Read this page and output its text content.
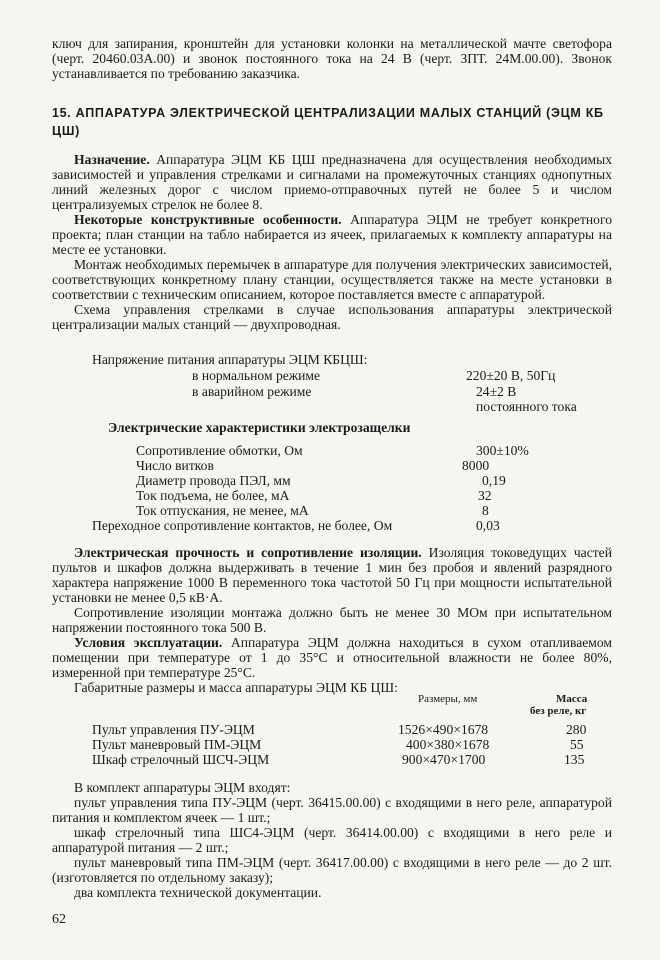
ключ для запирания, кронштейн для установки колонки на металлической мачте светофора (черт. 20460.03А.00) и звонок постоянного тока на 24 В (черт. ЗПТ. 24М.00.00). Звонок устанавливается по требованию заказчика.

15. АППАРАТУРА ЭЛЕКТРИЧЕСКОЙ ЦЕНТРАЛИЗАЦИИ МАЛЫХ СТАНЦИЙ (ЭЦМ КБ ЦШ)

Назначение. Аппаратура ЭЦМ КБ ЦШ предназначена для осуществления необходимых зависимостей и управления стрелками и сигналами на промежуточных станциях однопутных линий железных дорог с числом приемо-отправочных путей не более 5 и числом централизуемых стрелок не более 8.

Некоторые конструктивные особенности. Аппаратура ЭЦМ не требует конкретного проекта; план станции на табло набирается из ячеек, прилагаемых к комплекту аппаратуры на месте ее установки.

Монтаж необходимых перемычек в аппаратуре для получения электрических зависимостей, соответствующих конкретному плану станции, осуществляется также на месте установки в соответствии с техническим описанием, которое поставляется вместе с аппаратурой.

Схема управления стрелками в случае использования аппаратуры электрической централизации малых станций — двухпроводная.

Напряжение питания аппаратуры ЭЦМ КБЦШ:
в нормальном режиме	220±20 В, 50Гц
в аварийном режиме	24±2 В постоянного тока
Электрические характеристики электрозащелки
Сопротивление обмотки, Ом	300±10%
Число витков	8000
Диаметр провода ПЭЛ, мм	0,19
Ток подъема, не более, мА	32
Ток отпускания, не менее, мА	8
Переходное сопротивление контактов, не более, Ом	0,03

Электрическая прочность и сопротивление изоляции. Изоляция токоведущих частей пультов и шкафов должна выдерживать в течение 1 мин без пробоя и явлений разрядного характера напряжение 1000 В переменного тока частотой 50 Гц при мощности испытательной установки не менее 0,5 кВ·А.

Сопротивление изоляции монтажа должно быть не менее 30 МОм при испытательном напряжении постоянного тока 500 В.

Условия эксплуатации. Аппаратура ЭЦМ должна находиться в сухом отапливаемом помещении при температуре от 1 до 35°С и относительной влажности не более 80%, измеренной при температуре 25°С.

Габаритные размеры и масса аппаратуры ЭЦМ КБ ЦШ:

Размеры, мм	Масса
без реле, кг
Пульт управления ПУ-ЭЦМ	1526×490×1678	280
Пульт маневровый ПМ-ЭЦМ	400×380×1678	55
Шкаф стрелочный ШСЧ-ЭЦМ	900×470×1700	135

В комплект аппаратуры ЭЦМ входят:

пульт управления типа ПУ-ЭЦМ (черт. 36415.00.00) с входящими в него реле, аппаратурой питания и комплектом ячеек — 1 шт.;

шкаф стрелочный типа ШС4-ЭЦМ (черт. 36414.00.00) с входящими в него реле и аппаратурой питания — 2 шт.;

пульт маневровый типа ПМ-ЭЦМ (черт. 36417.00.00) с входящими в него реле — до 2 шт. (изготовляется по отдельному заказу);

два комплекта технической документации.

62
